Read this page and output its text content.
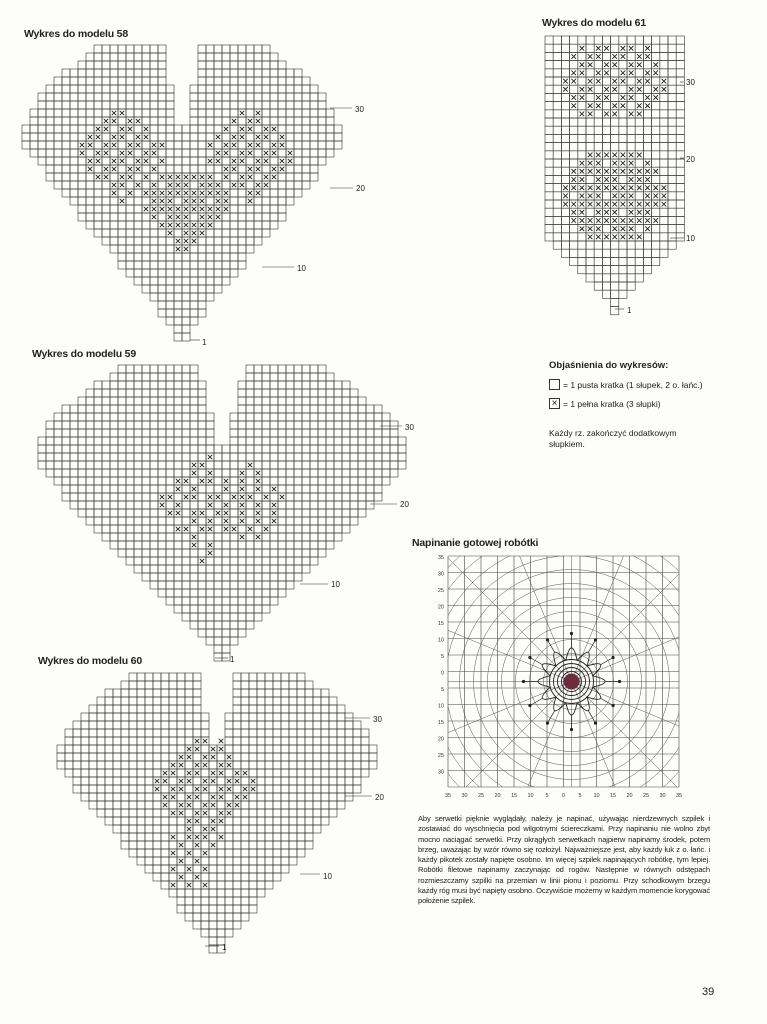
Wykres do modelu 58
30
20
10
1
Wykres do modelu 59
30
20
10
1
Wykres do modelu 60
30
20
10
1
Wykres do modelu 61
30
20
10
1
Objaśnienia do wykresów:
= 1 pusta kratka (1 słupek, 2 o. łańc.)
× = 1 pełna kratka (3 słupki)
Każdy rz. zakończyć dodatkowym słupkiem.
Napinanie gotowej robótki
35
30
25
20
15
10
5
0
5
10
15
20
25
30
35 30 25 20 15 10 5 0 5 10 15 20 25 30 35
Aby serwetki pięknie wyglądały, należy je napinać, używając nierdzewnych szpilek i zostawiać do wyschnięcia pod wilgotnymi ściereczkami. Przy napinaniu nie wolno zbyt mocno naciągać serwetki. Przy okrągłych serwetkach najpierw napinamy środek, potem brzeg, uważając by wzór równo się rozłożył. Najważniejsze jest, aby każdy łuk z o. łańc. i każdy pikotek zostały napięte osobno. Im więcej szpilek napinających robótkę, tym lepiej. Robótki filetowe napinamy zaczynając od rogów. Następnie w równych odstępach rozmieszczamy szpilki na przemian w linii pionu i poziomu. Przy schodkowym brzegu każdy róg musi być napięty osobno. Oczywiście możemy w każdym momencie korygować położenie szpilek.
39
